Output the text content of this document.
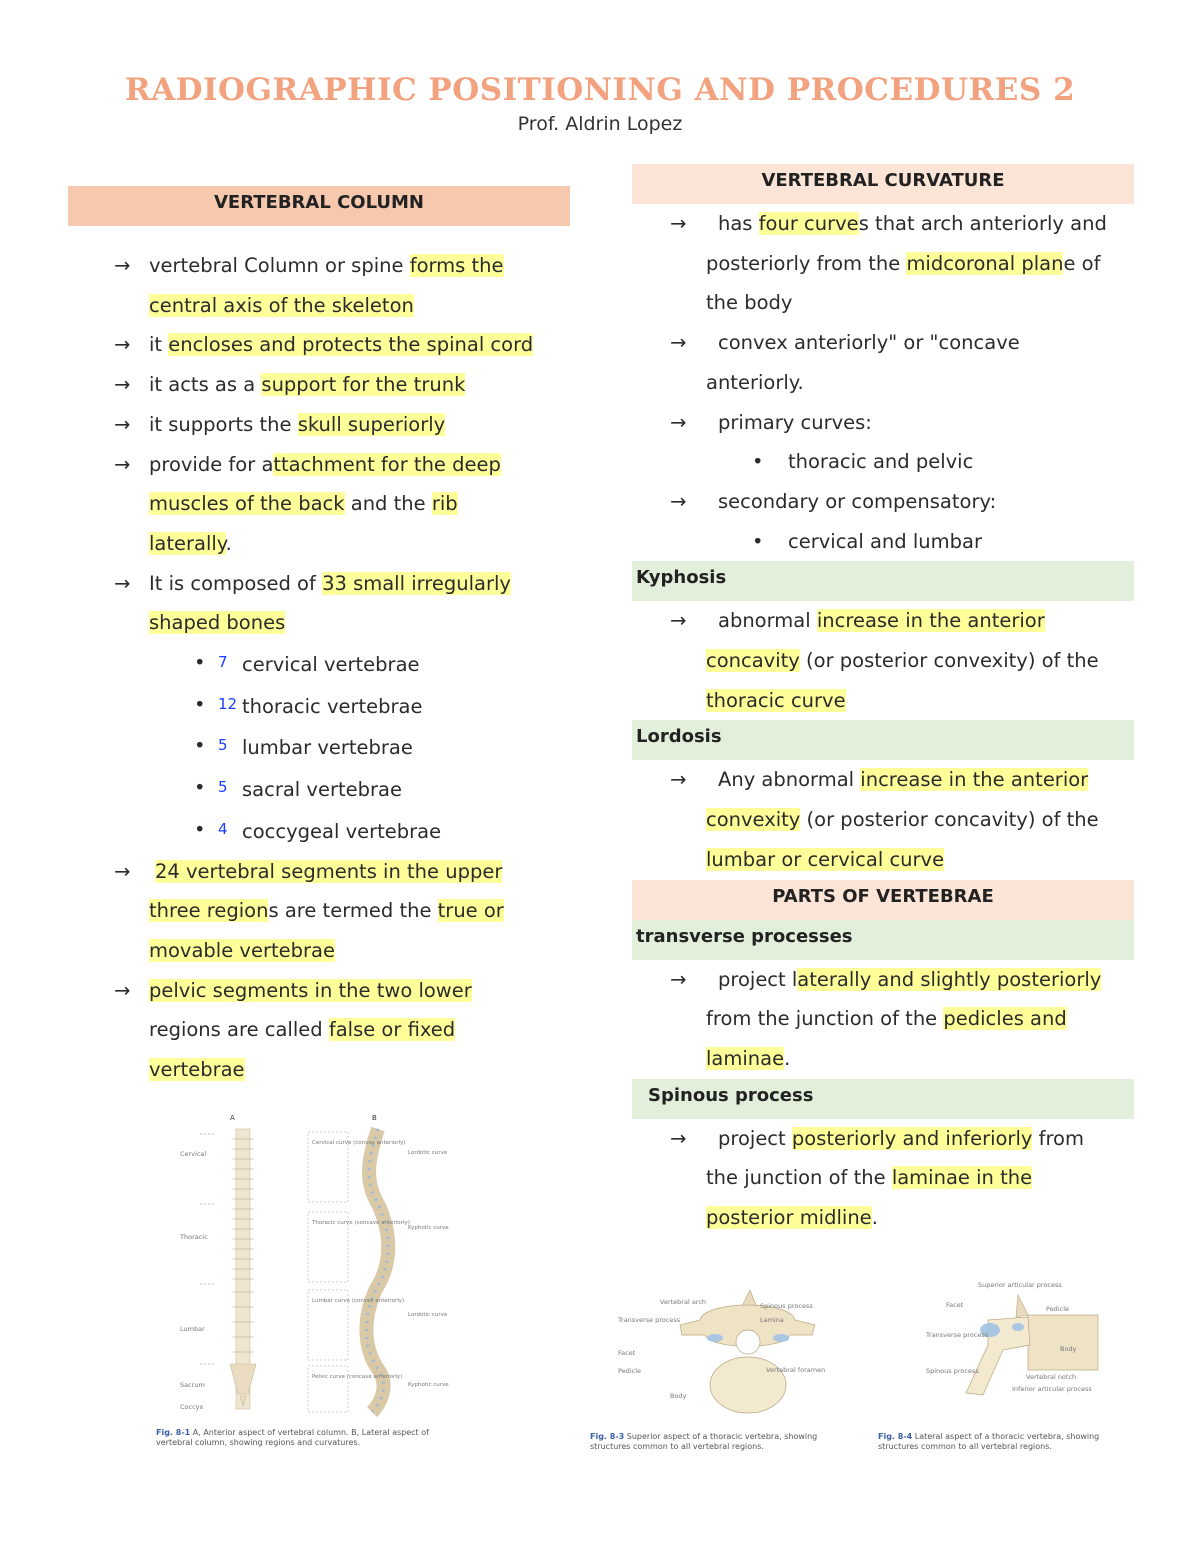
RADIOGRAPHIC POSITIONING AND PROCEDURES 2
Prof. Aldrin Lopez
VERTEBRAL COLUMN
→ vertebral Column or spine forms the
central axis of the skeleton
→ it encloses and protects the spinal cord
→ it acts as a support for the trunk
→ it supports the skull superiorly
→ provide for attachment for the deep
muscles of the back and the rib
laterally.
→ It is composed of 33 small irregularly
shaped bones
• 7 cervical vertebrae
• 12 thoracic vertebrae
• 5 lumbar vertebrae
• 5 sacral vertebrae
• 4 coccygeal vertebrae
→ 24 vertebral segments in the upper
three regions are termed the true or
movable vertebrae
→ pelvic segments in the two lower
regions are called false or fixed
vertebrae
A	B
Cervical
Thoracic
Lumbar
Sacrum
Coccyx
Cervical curve (convex anteriorly)
Thoracic curve (concave anteriorly)
Lumbar curve (convex anteriorly)
Pelvic curve (concave anteriorly)
Lordotic curve
Kyphotic curve
Lordotic curve
Kyphotic curve
Fig. 8-1 A, Anterior aspect of vertebral column. B, Lateral aspect of vertebral column, showing regions and curvatures.
VERTEBRAL CURVATURE
→ has four curves that arch anteriorly and
posteriorly from the midcoronal plane of
the body
→ convex anteriorly" or "concave
anteriorly.
→ primary curves:
• thoracic and pelvic
→ secondary or compensatory:
• cervical and lumbar
Kyphosis
→ abnormal increase in the anterior
concavity (or posterior convexity) of the
thoracic curve
Lordosis
→ Any abnormal increase in the anterior
convexity (or posterior concavity) of the
lumbar or cervical curve
PARTS OF VERTEBRAE
transverse processes
→ project laterally and slightly posteriorly
from the junction of the pedicles and
laminae.
Spinous process
→ project posteriorly and inferiorly from
the junction of the laminae in the
posterior midline.
Vertebral arch	Spinous process
Transverse process	Lamina
Facet
Pedicle	Vertebral foramen
Body
Fig. 8-3 Superior aspect of a thoracic vertebra, showing structures common to all vertebral regions.
Superior articular process
Facet	Pedicle
Transverse process
Body
Spinous process
Vertebral notch
Inferior articular process
Fig. 8-4 Lateral aspect of a thoracic vertebra, showing structures common to all vertebral regions.
